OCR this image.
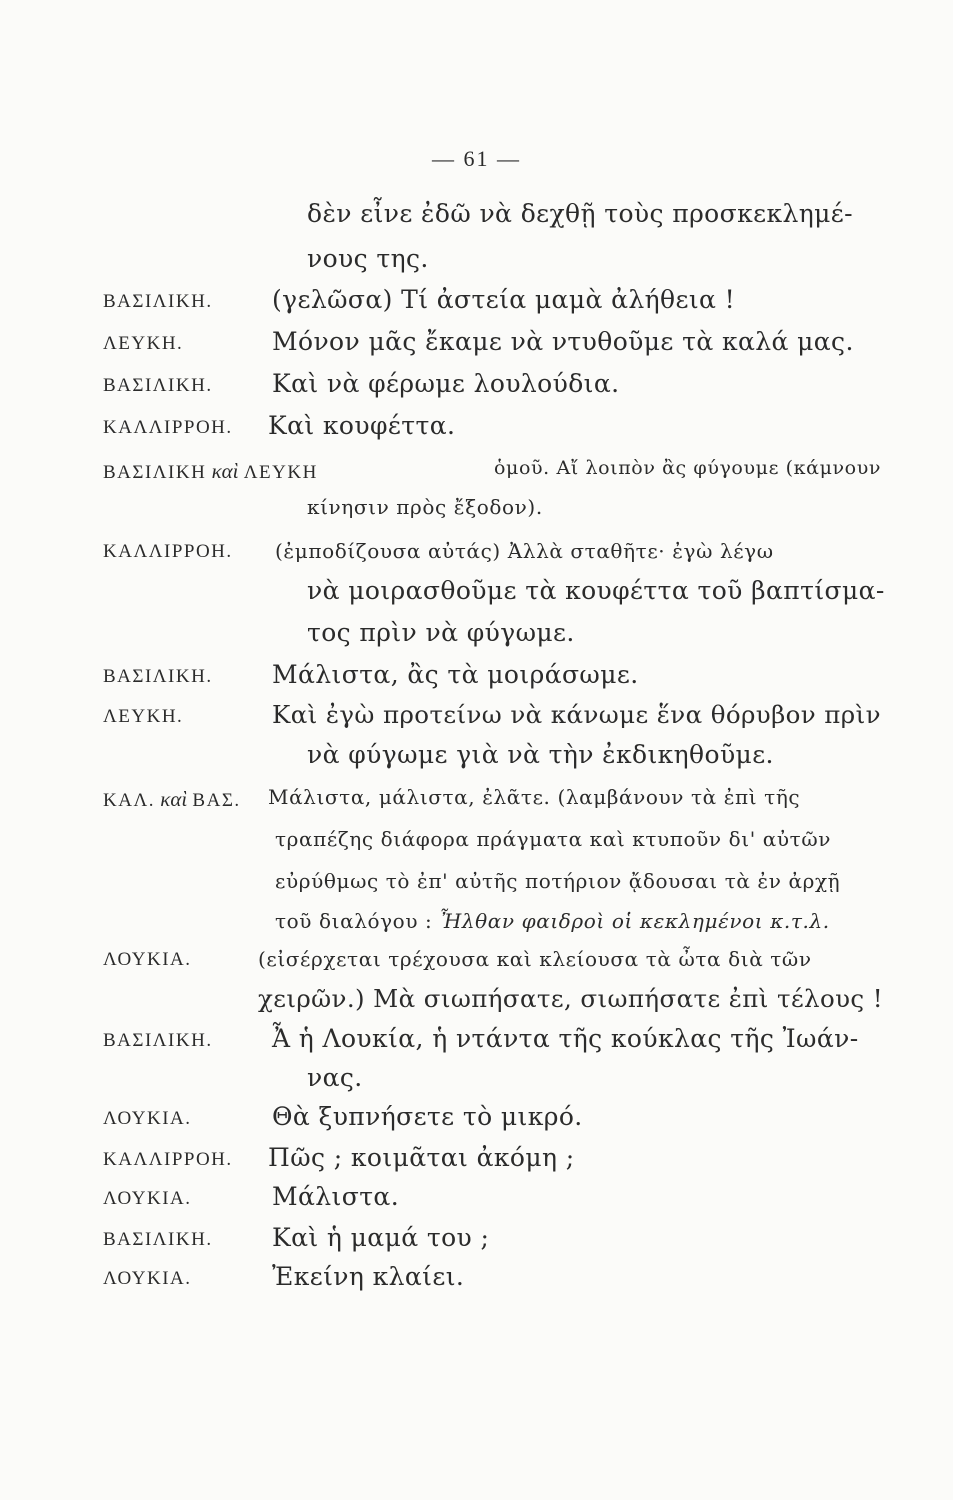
— 61 —
δὲν εἶνε ἐδῶ νὰ δεχθῇ τοὺς προσκεκλημέ-
νους της.
ΒΑΣΙΛΙΚΗ. (γελῶσα) Τί ἀστεία μαμὰ ἀλήθεια !
ΛΕΥΚΗ.	Μόνον μᾶς ἔκαμε νὰ ντυθοῦμε τὰ καλά μας.
ΒΑΣΙΛΙΚΗ. Καὶ νὰ φέρωμε λουλούδια.
ΚΑΛΛΙΡΡΟΗ. Καὶ κουφέττα.
ΒΑΣΙΛΙΚΗ καὶ ΛΕΥΚΗ	ὁμοῦ. Αἴ λοιπὸν ἂς φύγουμε (κάμνουν
κίνησιν πρὸς ἔξοδον).
ΚΑΛΛΙΡΡΟΗ. (ἐμποδίζουσα αὐτάς) Ἀλλὰ σταθῆτε· ἐγὼ λέγω
νὰ μοιρασθοῦμε τὰ κουφέττα τοῦ βαπτίσμα-
τος πρὶν νὰ φύγωμε.
ΒΑΣΙΛΙΚΗ. Μάλιστα, ἂς τὰ μοιράσωμε.
ΛΕΥΚΗ.	Καὶ ἐγὼ προτείνω νὰ κάνωμε ἕνα θόρυβον πρὶν
νὰ φύγωμε γιὰ νὰ τὴν ἐκδικηθοῦμε.
ΚΑΛ. καὶ ΒΑΣ. Μάλιστα, μάλιστα, ἐλᾶτε. (λαμβάνουν τὰ ἐπὶ τῆς
τραπέζης διάφορα πράγματα καὶ κτυποῦν δι' αὐτῶν
εὐρύθμως τὸ ἐπ' αὐτῆς ποτήριον ᾄδουσαι τὰ ἐν ἀρχῇ
τοῦ διαλόγου : Ἦλθαν φαιδροὶ οἱ κεκλημένοι κ.τ.λ.
ΛΟΥΚΙΑ.	(εἰσέρχεται τρέχουσα καὶ κλείουσα τὰ ὦτα διὰ τῶν
χειρῶν.) Μὰ σιωπήσατε, σιωπήσατε ἐπὶ τέλους !
ΒΑΣΙΛΙΚΗ. Ἆ ἡ Λουκία, ἡ ντάντα τῆς κούκλας τῆς Ἰωάν-
νας.
ΛΟΥΚΙΑ.	Θὰ ξυπνήσετε τὸ μικρό.
ΚΑΛΛΙΡΡΟΗ. Πῶς ; κοιμᾶται ἀκόμη ;
ΛΟΥΚΙΑ.	Μάλιστα.
ΒΑΣΙΛΙΚΗ. Καὶ ἡ μαμά του ;
ΛΟΥΚΙΑ.	Ἐκείνη κλαίει.
